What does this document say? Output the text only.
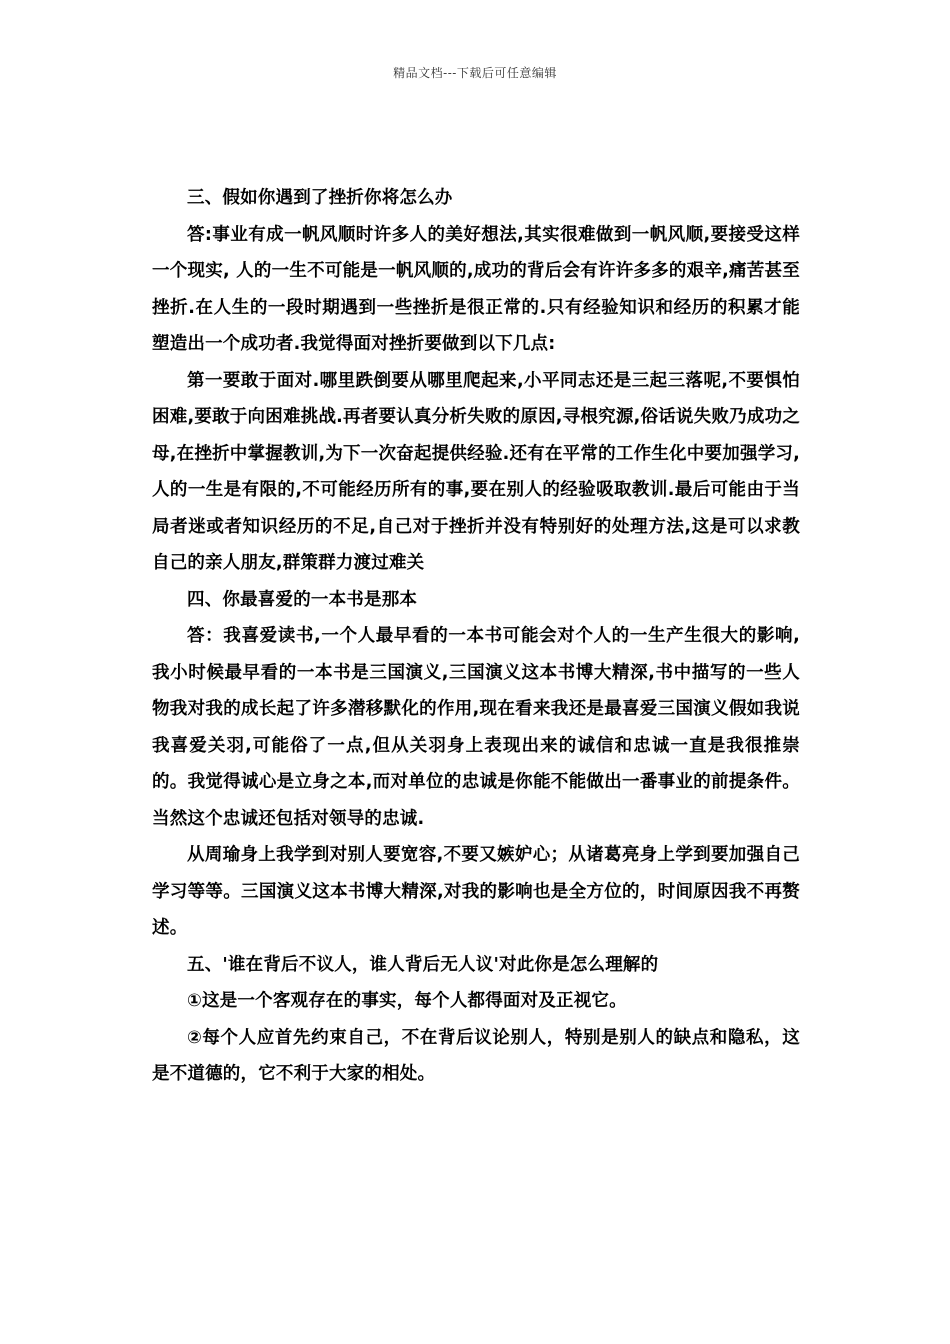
精品文档---下载后可任意编辑

三、假如你遇到了挫折你将怎么办

答:事业有成一帆风顺时许多人的美好想法,其实很难做到一帆风顺,要接受这样一个现实, 人的一生不可能是一帆风顺的,成功的背后会有许许多多的艰辛,痛苦甚至挫折.在人生的一段时期遇到一些挫折是很正常的.只有经验知识和经历的积累才能塑造出一个成功者.我觉得面对挫折要做到以下几点:

第一要敢于面对.哪里跌倒要从哪里爬起来,小平同志还是三起三落呢,不要惧怕困难,要敢于向困难挑战.再者要认真分析失败的原因,寻根究源,俗话说失败乃成功之母,在挫折中掌握教训,为下一次奋起提供经验.还有在平常的工作生化中要加强学习,人的一生是有限的,不可能经历所有的事,要在别人的经验吸取教训.最后可能由于当局者迷或者知识经历的不足,自己对于挫折并没有特别好的处理方法,这是可以求教自己的亲人朋友,群策群力渡过难关

四、你最喜爱的一本书是那本

答：我喜爱读书,一个人最早看的一本书可能会对个人的一生产生很大的影响,我小时候最早看的一本书是三国演义,三国演义这本书博大精深,书中描写的一些人物我对我的成长起了许多潜移默化的作用,现在看来我还是最喜爱三国演义假如我说我喜爱关羽,可能俗了一点,但从关羽身上表现出来的诚信和忠诚一直是我很推崇的。我觉得诚心是立身之本,而对单位的忠诚是你能不能做出一番事业的前提条件。当然这个忠诚还包括对领导的忠诚.

从周瑜身上我学到对别人要宽容,不要又嫉妒心；从诸葛亮身上学到要加强自己学习等等。三国演义这本书博大精深,对我的影响也是全方位的，时间原因我不再赘述。

五、'谁在背后不议人，谁人背后无人议'对此你是怎么理解的

①这是一个客观存在的事实，每个人都得面对及正视它。

②每个人应首先约束自己，不在背后议论别人，特别是别人的缺点和隐私，这是不道德的，它不利于大家的相处。
